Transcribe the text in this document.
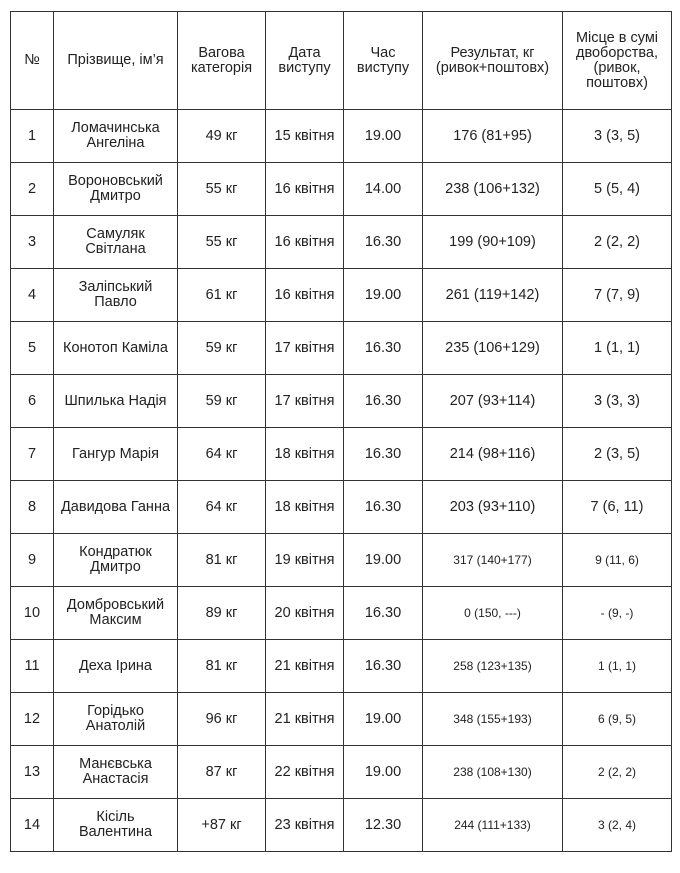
№	Прізвище, ім’я	Вагова категорія	Дата виступу	Час виступу	Результат, кг (ривок+поштовх)	Місце в сумі двоборства, (ривок, поштовх)
1	Ломачинська Ангеліна	49 кг	15 квітня	19.00	176 (81+95)	3 (3, 5)
2	Вороновський Дмитро	55 кг	16 квітня	14.00	238 (106+132)	5 (5, 4)
3	Самуляк Світлана	55 кг	16 квітня	16.30	199 (90+109)	2 (2, 2)
4	Заліпський Павло	61 кг	16 квітня	19.00	261 (119+142)	7 (7, 9)
5	Конотоп Каміла	59 кг	17 квітня	16.30	235 (106+129)	1 (1, 1)
6	Шпилька Надія	59 кг	17 квітня	16.30	207 (93+114)	3 (3, 3)
7	Гангур Марія	64 кг	18 квітня	16.30	214 (98+116)	2 (3, 5)
8	Давидова Ганна	64 кг	18 квітня	16.30	203 (93+110)	7 (6, 11)
9	Кондратюк Дмитро	81 кг	19 квітня	19.00	317 (140+177)	9 (11, 6)
10	Домбровський Максим	89 кг	20 квітня	16.30	0 (150, ---)	- (9, -)
11	Деха Ірина	81 кг	21 квітня	16.30	258 (123+135)	1 (1, 1)
12	Горідько Анатолій	96 кг	21 квітня	19.00	348 (155+193)	6 (9, 5)
13	Манєвська Анастасія	87 кг	22 квітня	19.00	238 (108+130)	2 (2, 2)
14	Кісіль Валентина	+87 кг	23 квітня	12.30	244 (111+133)	3 (2, 4)
